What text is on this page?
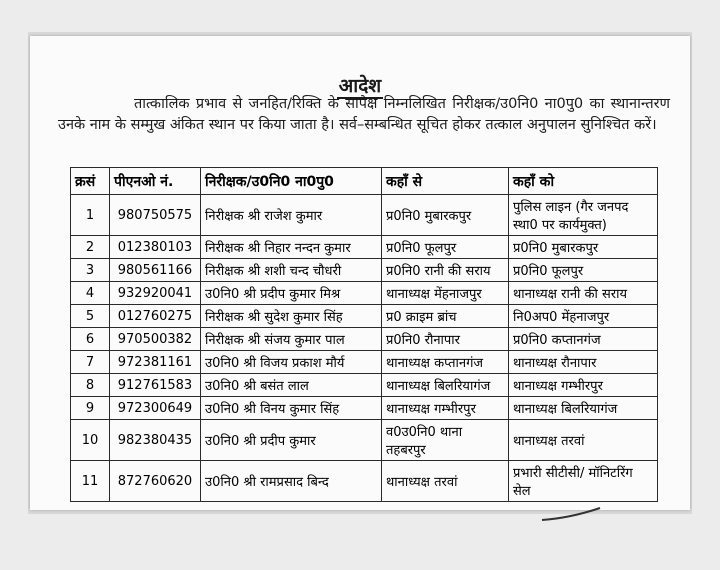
आदेश
तात्कालिक प्रभाव से जनहित/रिक्ति के सापेक्ष निम्नलिखित निरीक्षक/उ0नि0 ना0पु0 का स्थानान्तरण उनके नाम के सम्मुख अंकित स्थान पर किया जाता है। सर्व–सम्बन्धित सूचित होकर तत्काल अनुपालन सुनिश्चित करें।
क्रसं	पीएनओ नं.	निरीक्षक/उ0नि0 ना0पु0	कहाँ से	कहाँ को
1	980750575	निरीक्षक श्री राजेश कुमार	प्र0नि0 मुबारकपुर	पुलिस लाइन (गैर जनपद स्था0 पर कार्यमुक्त)
2	012380103	निरीक्षक श्री निहार नन्दन कुमार	प्र0नि0 फूलपुर	प्र0नि0 मुबारकपुर
3	980561166	निरीक्षक श्री शशी चन्द चौधरी	प्र0नि0 रानी की सराय	प्र0नि0 फूलपुर
4	932920041	उ0नि0 श्री प्रदीप कुमार मिश्र	थानाध्यक्ष मेंहनाजपुर	थानाध्यक्ष रानी की सराय
5	012760275	निरीक्षक श्री सुदेश कुमार सिंह	प्र0 क्राइम ब्रांच	नि0अप0 मेंहनाजपुर
6	970500382	निरीक्षक श्री संजय कुमार पाल	प्र0नि0 रौनापार	प्र0नि0 कप्तानगंज
7	972381161	उ0नि0 श्री विजय प्रकाश मौर्य	थानाध्यक्ष कप्तानगंज	थानाध्यक्ष रौनापार
8	912761583	उ0नि0 श्री बसंत लाल	थानाध्यक्ष बिलरियागंज	थानाध्यक्ष गम्भीरपुर
9	972300649	उ0नि0 श्री विनय कुमार सिंह	थानाध्यक्ष गम्भीरपुर	थानाध्यक्ष बिलरियागंज
10	982380435	उ0नि0 श्री प्रदीप कुमार	व0उ0नि0 थाना तहबरपुर	थानाध्यक्ष तरवां
11	872760620	उ0नि0 श्री रामप्रसाद बिन्द	थानाध्यक्ष तरवां	प्रभारी सीटीसी/ मॉनिटरिंग सेल
